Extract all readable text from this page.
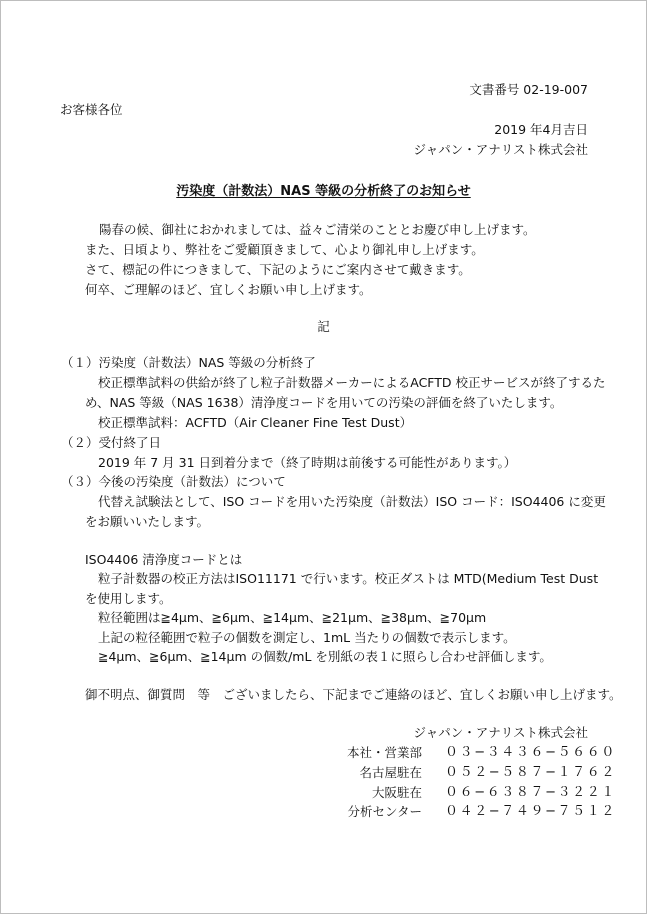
文書番号 02-19-007
お客様各位
2019 年4月吉日
ジャパン・アナリスト株式会社
汚染度（計数法）NAS 等級の分析終了のお知らせ
陽春の候、御社におかれましては、益々ご清栄のこととお慶び申し上げます。
また、日頃より、弊社をご愛顧頂きまして、心より御礼申し上げます。
さて、標記の件につきまして、下記のようにご案内させて戴きます。
何卒、ご理解のほど、宜しくお願い申し上げます。
記
（１）汚染度（計数法）NAS 等級の分析終了
校正標準試料の供給が終了し粒子計数器メーカーによるACFTD 校正サービスが終了するた
め、NAS 等級（NAS 1638）清浄度コードを用いての汚染の評価を終了いたします。
校正標準試料：ACFTD（Air Cleaner Fine Test Dust）
（２）受付終了日
2019 年 7 月 31 日到着分まで（終了時期は前後する可能性があります。）
（３）今後の汚染度（計数法）について
代替え試験法として、ISO コードを用いた汚染度（計数法）ISO コード：ISO4406 に変更
をお願いいたします。
ISO4406 清浄度コードとは
粒子計数器の校正方法はISO11171 で行います。校正ダストは MTD(Medium Test Dust
を使用します。
粒径範囲は≧4μm、≧6μm、≧14μm、≧21μm、≧38μm、≧70μm
上記の粒径範囲で粒子の個数を測定し、1mL 当たりの個数で表示します。
≧4μm、≧6μm、≧14μm の個数/mL を別紙の表１に照らし合わせ評価します。
御不明点、御質問　等　ございましたら、下記までご連絡のほど、宜しくお願い申し上げます。
ジャパン・アナリスト株式会社
本社・営業部 ０３−３４３６−５６６０
名古屋駐在 ０５２−５８７−１７６２
大阪駐在 ０６−６３８７−３２２１
分析センター ０４２−７４９−７５１２
